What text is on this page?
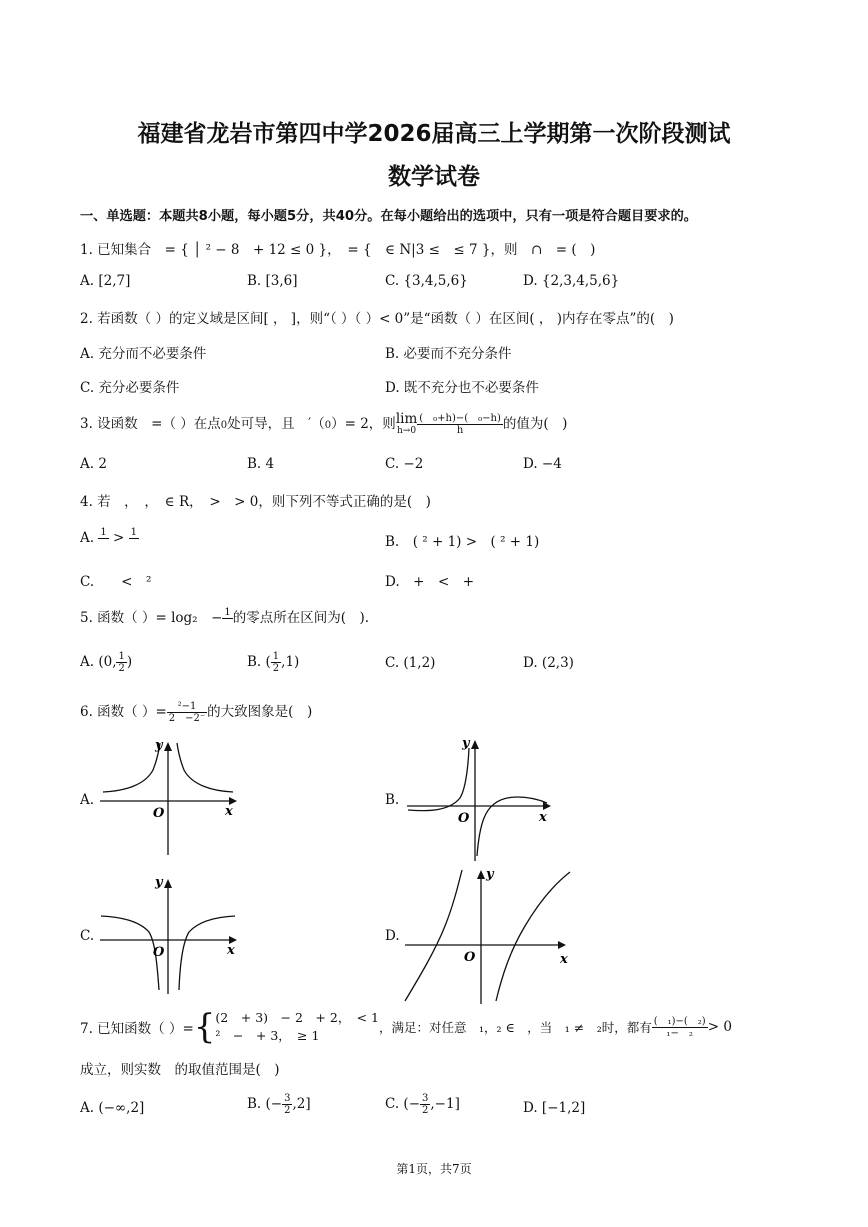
福建省龙岩市第四中学2026届高三上学期第一次阶段测试
数学试卷
一、单选题：本题共8小题，每小题5分，共40分。在每小题给出的选项中，只有一项是符合题目要求的。
1. 已知集合　= { │ ² − 8　+ 12 ≤ 0 }，　= {　∈ N|3 ≤　≤ 7 }，则　∩　= (　)
A. [2,7]	B. [3,6]	C. {3,4,5,6}	D. {2,3,4,5,6}
2. 若函数（ ）的定义域是区间[ ， ]，则“（ ）（ ）< 0”是“函数（ ）在区间( ， )内存在零点”的(　)
A. 充分而不必要条件	B. 必要而不充分条件
C. 充分必要条件	D. 既不充分也不必要条件
3. 设函数　=（ ）在点0处可导，且　′（0）= 2，则 lim
$h\to 0 \frac{\text{(　₀+h)−(　₀−h)}}{h}$ 的值为(　)
A. 2	B. 4	C. −2	D. −4
4. 若　，　，　∈ R，　>　> 0，则下列不等式正确的是(　)
A. 1
> 1

B.　( ² + 1) >　( ² + 1)
C.　　<　²	D.　+　<　+
5. 函数（ ）= log₂　− 1
的零点所在区间为(　).
A. (0, $\frac{1}{2}$ )	B. ( $\frac{1}{2} ,1$)	C. (1,2)	D. (2,3)
6. 函数（ ）= $\frac{\text{²−1}}{2 -2^-}$ 的大致图象是(　)
A.
O	x
y
B.
O	x
y
C.
O	x
y
D.
O	x
y
7. 已知函数（ ）={ (2　+ 3)　− 2　+ 2，　< 1
²　−　+ 3，　≥ 1
，满足：对任意　₁，₂ ∈　，当　₁ ≠　₂时，都有 $\frac{\text{(　₁)−(　₂)}}{\text{₁−　₂}} > 0$
成立，则实数　的取值范围是(　)
A. (−∞,2]	B. (− $\frac{3}{2} ,2$]	C. (− $\frac{3}{2} ,-1$]	D. [−1,2]
第1页，共7页
